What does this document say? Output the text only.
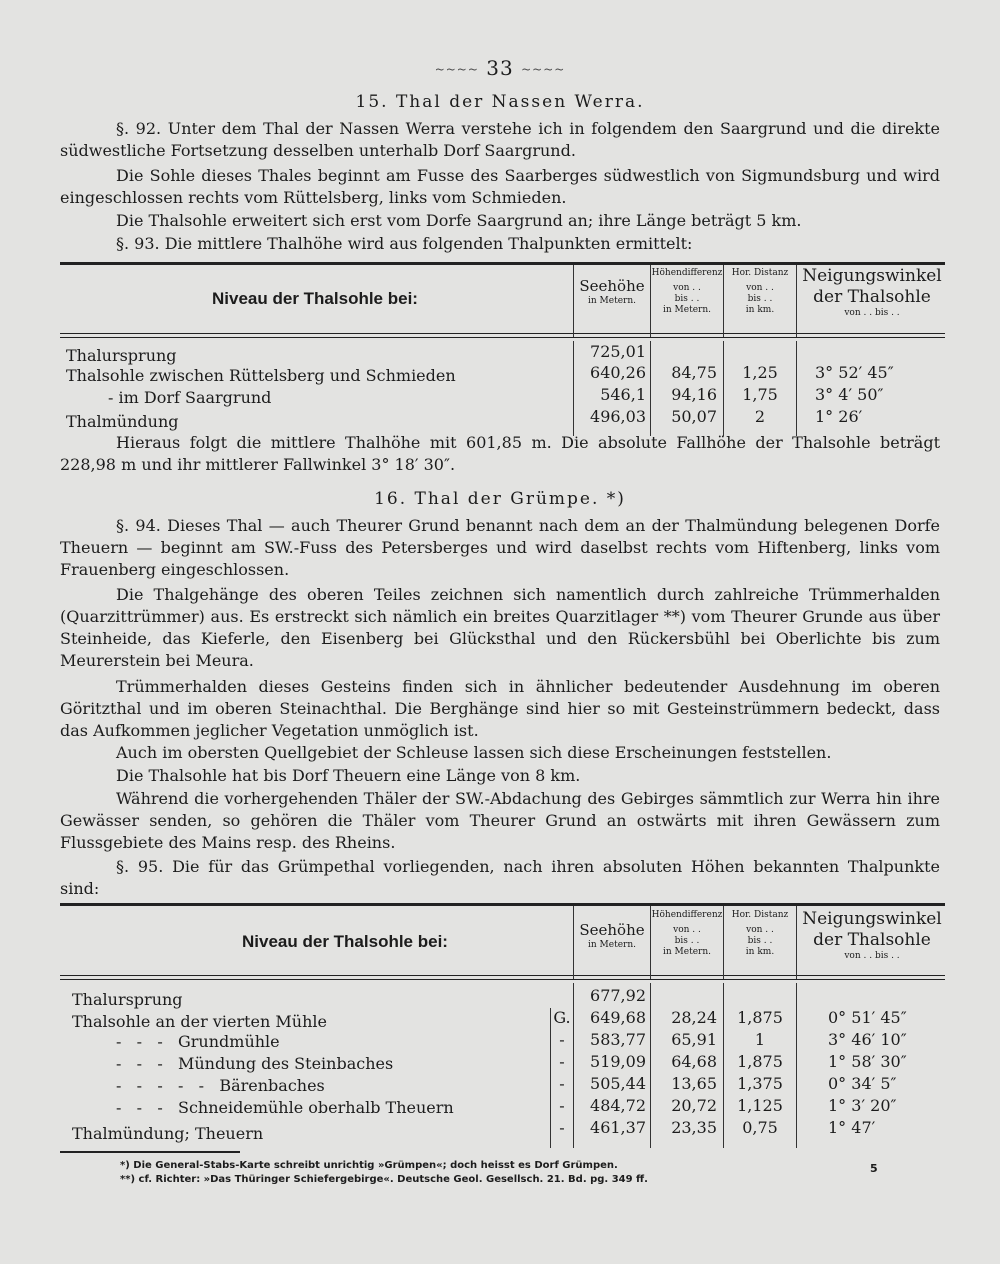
~~~~ 33 ~~~~
15. Thal der Nassen Werra.
§. 92. Unter dem Thal der Nassen Werra verstehe ich in folgendem den Saargrund und die direkte südwestliche Fortsetzung desselben unterhalb Dorf Saargrund.
Die Sohle dieses Thales beginnt am Fusse des Saarberges südwestlich von Sigmundsburg und wird eingeschlossen rechts vom Rüttelsberg, links vom Schmieden.
Die Thalsohle erweitert sich erst vom Dorfe Saargrund an; ihre Länge beträgt 5 km.
§. 93. Die mittlere Thalhöhe wird aus folgenden Thalpunkten ermittelt:
Niveau der Thalsohle bei:
Seehöhe
in Metern.
Höhendifferenz
von . .
bis . .
in Metern.
Hor. Distanz
von . .
bis . .
in km.
Neigungswinkel
der Thalsohle
von . . bis . .
Thalursprung	725,01
Thalsohle zwischen Rüttelsberg und Schmieden	640,26	84,75	1,25	3° 52′ 45″
- im Dorf Saargrund	546,1	94,16	1,75	3° 4′ 50″
Thalmündung	496,03	50,07	2	1° 26′
Hieraus folgt die mittlere Thalhöhe mit 601,85 m. Die absolute Fallhöhe der Thalsohle beträgt 228,98 m und ihr mittlerer Fallwinkel 3° 18′ 30″.
16. Thal der Grümpe. *)
§. 94. Dieses Thal — auch Theurer Grund benannt nach dem an der Thalmündung belegenen Dorfe Theuern — beginnt am SW.-Fuss des Petersberges und wird daselbst rechts vom Hiftenberg, links vom Frauenberg eingeschlossen.
Die Thalgehänge des oberen Teiles zeichnen sich namentlich durch zahlreiche Trümmerhalden (Quarzittrümmer) aus. Es erstreckt sich nämlich ein breites Quarzitlager **) vom Theurer Grunde aus über Steinheide, das Kieferle, den Eisenberg bei Glücksthal und den Rückersbühl bei Oberlichte bis zum Meurerstein bei Meura.
Trümmerhalden dieses Gesteins finden sich in ähnlicher bedeutender Ausdehnung im oberen Göritzthal und im oberen Steinachthal. Die Berghänge sind hier so mit Gesteinstrümmern bedeckt, dass das Aufkommen jeglicher Vegetation unmöglich ist.
Auch im obersten Quellgebiet der Schleuse lassen sich diese Erscheinungen feststellen.
Die Thalsohle hat bis Dorf Theuern eine Länge von 8 km.
Während die vorhergehenden Thäler der SW.-Abdachung des Gebirges sämmtlich zur Werra hin ihre Gewässer senden, so gehören die Thäler vom Theurer Grund an ostwärts mit ihren Gewässern zum Flussgebiete des Mains resp. des Rheins.
§. 95. Die für das Grümpethal vorliegenden, nach ihren absoluten Höhen bekannten Thalpunkte sind:
Niveau der Thalsohle bei:
Seehöhe
in Metern.
Höhendifferenz
von . .
bis . .
in Metern.
Hor. Distanz
von . .
bis . .
in km.
Neigungswinkel
der Thalsohle
von . . bis . .
Thalursprung	677,92
Thalsohle an der vierten Mühle	G.	649,68	28,24	1,875	0° 51′ 45″
-   -   -   Grundmühle	-	583,77	65,91	1	3° 46′ 10″
-   -   -   Mündung des Steinbaches	-	519,09	64,68	1,875	1° 58′ 30″
-   -   -   -   -   Bärenbaches	-	505,44	13,65	1,375	0° 34′ 5″
-   -   -   Schneidemühle oberhalb Theuern	-	484,72	20,72	1,125	1° 3′ 20″
Thalmündung; Theuern	-	461,37	23,35	0,75	1° 47′
*) Die General-Stabs-Karte schreibt unrichtig »Grümpen«; doch heisst es Dorf Grümpen.
**) cf. Richter: »Das Thüringer Schiefergebirge«. Deutsche Geol. Gesellsch. 21. Bd. pg. 349 ff.
5
